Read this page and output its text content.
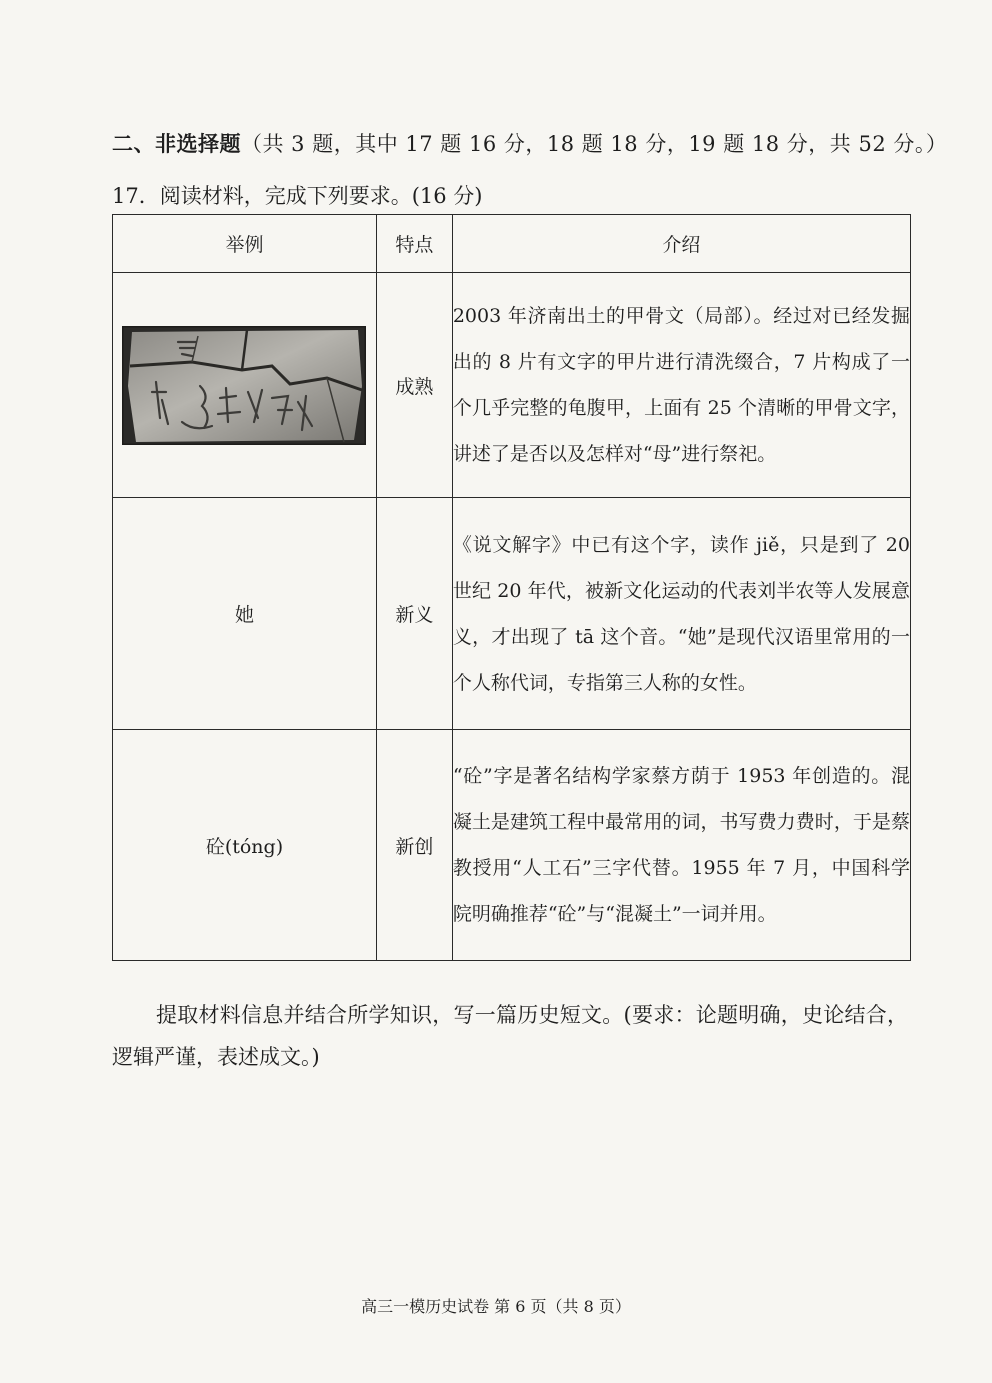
二、非选择题（共 3 题，其中 17 题 16 分，18 题 18 分，19 题 18 分，共 52 分。）
17．阅读材料，完成下列要求。(16 分)
举例	特点	介绍

	成熟	2003 年济南出土的甲骨文（局部）。经过对已经发掘出的 8 片有文字的甲片进行清洗缀合，7 片构成了一个几乎完整的龟腹甲，上面有 25 个清晰的甲骨文字，讲述了是否以及怎样对“母”进行祭祀。
她	新义	《说文解字》中已有这个字，读作 jiě，只是到了 20 世纪 20 年代，被新文化运动的代表刘半农等人发展意义，才出现了 tā 这个音。“她”是现代汉语里常用的一个人称代词，专指第三人称的女性。
砼(tóng)	新创	“砼”字是著名结构学家蔡方荫于 1953 年创造的。混凝土是建筑工程中最常用的词，书写费力费时，于是蔡教授用“人工石”三字代替。1955 年 7 月，中国科学院明确推荐“砼”与“混凝土”一词并用。
提取材料信息并结合所学知识，写一篇历史短文。(要求：论题明确，史论结合，逻辑严谨，表述成文。)
高三一模历史试卷 第 6 页（共 8 页）
